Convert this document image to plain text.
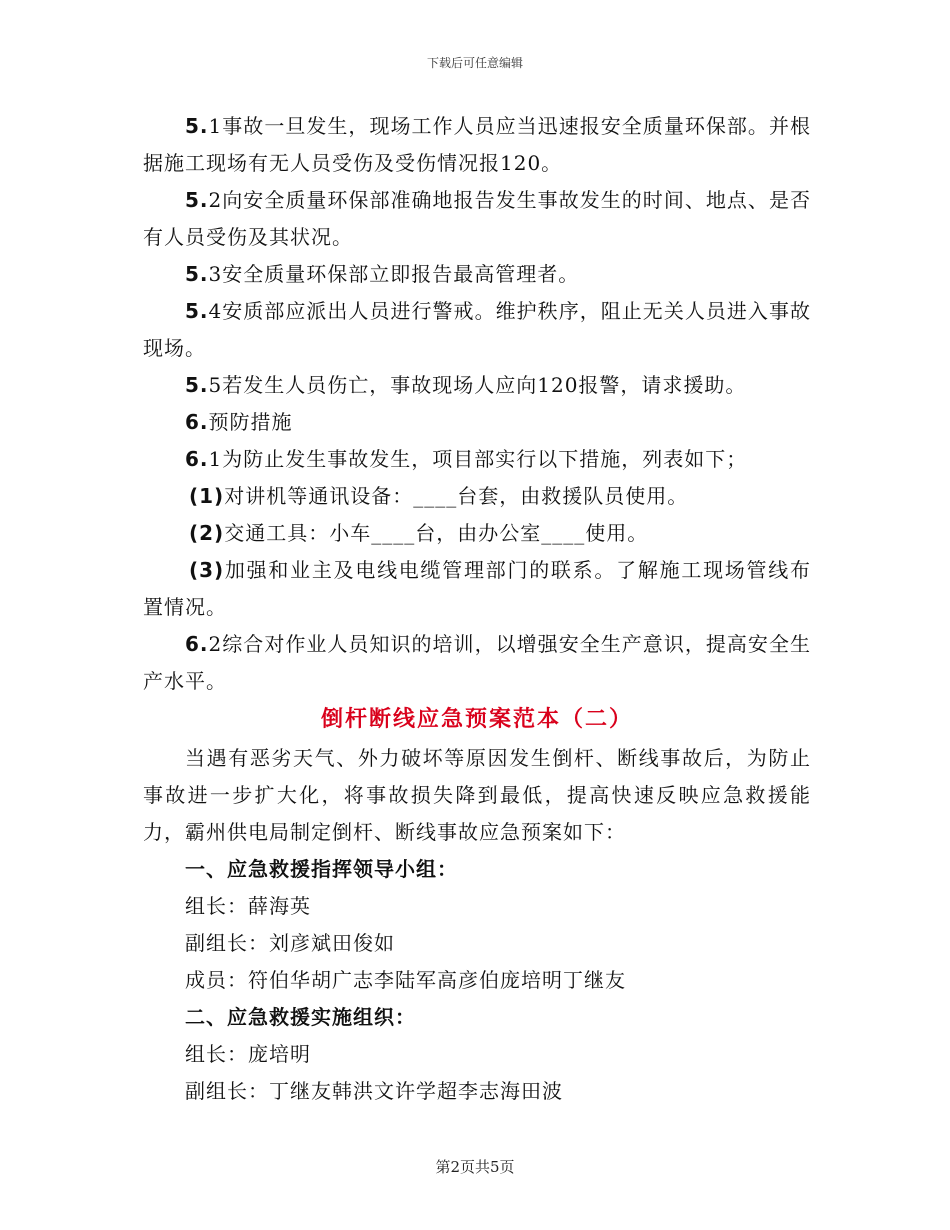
下载后可任意编辑

5.1事故一旦发生，现场工作人员应当迅速报安全质量环保部。并根据施工现场有无人员受伤及受伤情况报120。

5.2向安全质量环保部准确地报告发生事故发生的时间、地点、是否有人员受伤及其状况。

5.3安全质量环保部立即报告最高管理者。

5.4安质部应派出人员进行警戒。维护秩序，阻止无关人员进入事故现场。

5.5若发生人员伤亡，事故现场人应向120报警，请求援助。

6.预防措施

6.1为防止发生事故发生，项目部实行以下措施，列表如下；

(1)对讲机等通讯设备：____台套，由救援队员使用。

(2)交通工具：小车____台，由办公室____使用。

(3)加强和业主及电线电缆管理部门的联系。了解施工现场管线布置情况。

6.2综合对作业人员知识的培训，以增强安全生产意识，提高安全生产水平。

倒杆断线应急预案范本（二）

当遇有恶劣天气、外力破坏等原因发生倒杆、断线事故后，为防止事故进一步扩大化，将事故损失降到最低，提高快速反映应急救援能力，霸州供电局制定倒杆、断线事故应急预案如下：

一、应急救援指挥领导小组：

组长：薛海英

副组长：刘彦斌田俊如

成员：符伯华胡广志李陆军高彦伯庞培明丁继友

二、应急救援实施组织：

组长：庞培明

副组长：丁继友韩洪文许学超李志海田波

第2页共5页
